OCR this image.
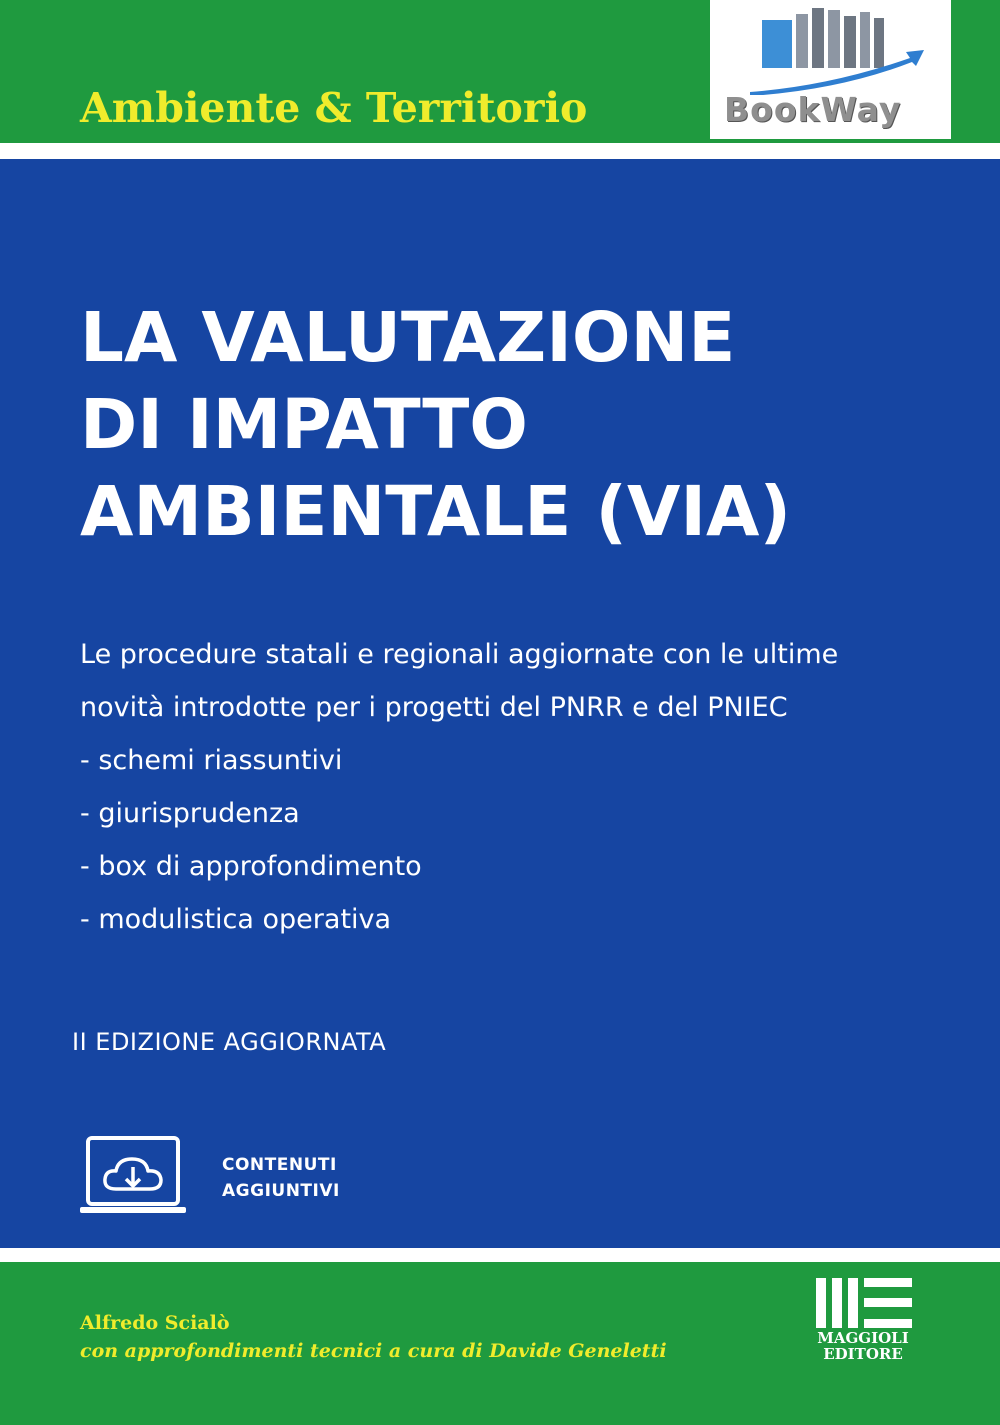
Ambiente & Territorio	BookWay
LA VALUTAZIONE
DI IMPATTO
AMBIENTALE (VIA)
Le procedure statali e regionali aggiornate con le ultime
novità introdotte per i progetti del PNRR e del PNIEC
- schemi riassuntivi
- giurisprudenza
- box di approfondimento
- modulistica operativa
II EDIZIONE AGGIORNATA
CONTENUTI
AGGIUNTIVI
Alfredo Scialò
con approfondimenti tecnici a cura di Davide Geneletti
MAGGIOLI
EDITORE
